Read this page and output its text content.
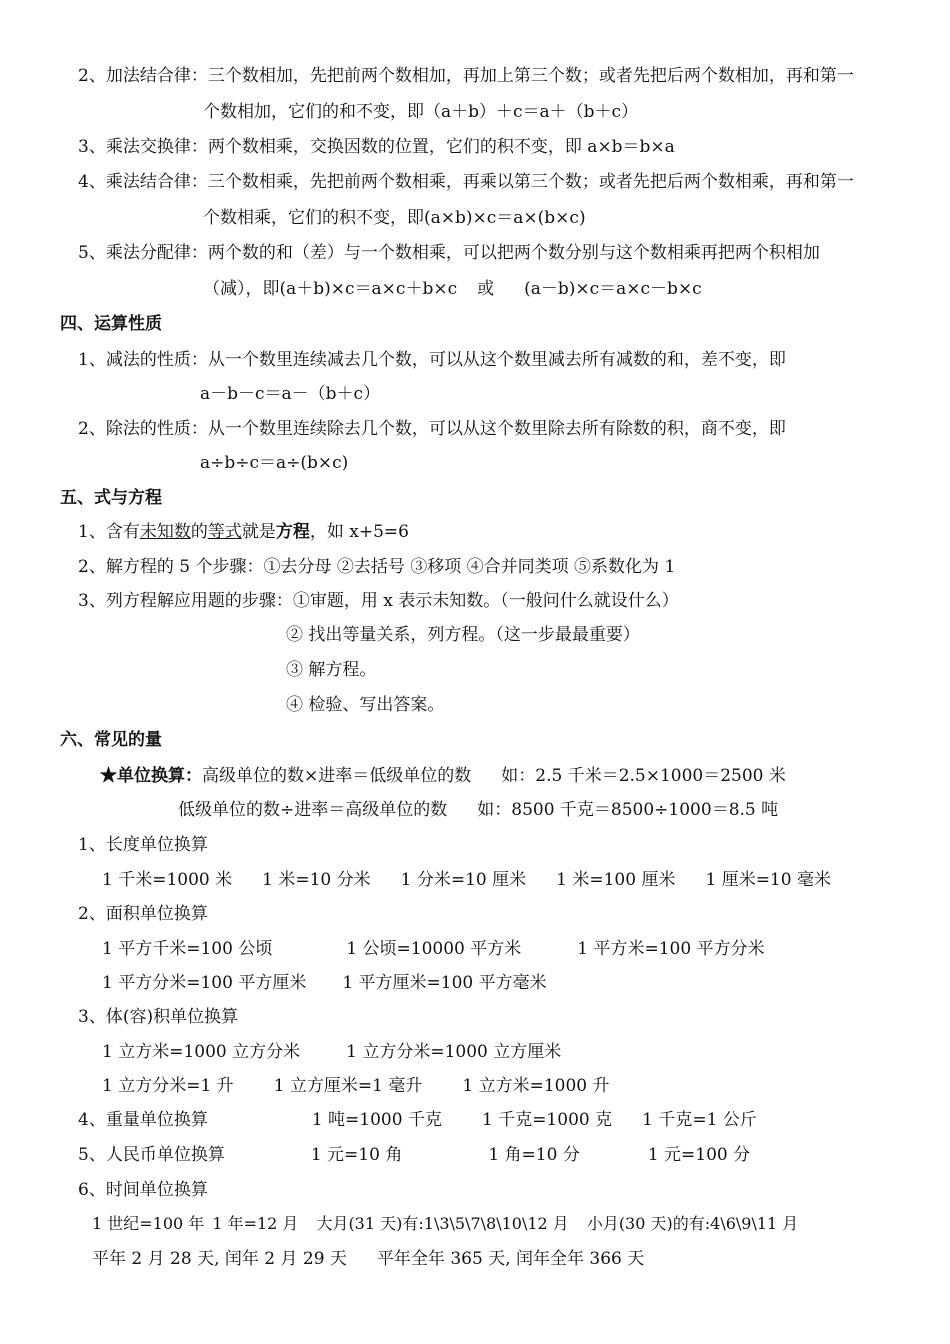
2、加法结合律：三个数相加，先把前两个数相加，再加上第三个数；或者先把后两个数相加，再和第一
个数相加，它们的和不变，即（a＋b）＋c＝a＋（b＋c）
3、乘法交换律：两个数相乘，交换因数的位置，它们的积不变，即 a×b＝b×a
4、乘法结合律：三个数相乘，先把前两个数相乘，再乘以第三个数；或者先把后两个数相乘，再和第一
个数相乘，它们的积不变，即(a×b)×c＝a×(b×c)
5、乘法分配律：两个数的和（差）与一个数相乘，可以把两个数分别与这个数相乘再把两个积相加
（减），即(a＋b)×c＝a×c＋b×c 或 (a－b)×c＝a×c－b×c
四、运算性质
1、减法的性质：从一个数里连续减去几个数，可以从这个数里减去所有减数的和，差不变，即
a－b－c＝a－（b＋c）
2、除法的性质：从一个数里连续除去几个数，可以从这个数里除去所有除数的积，商不变，即
a÷b÷c＝a÷(b×c)
五、式与方程
1、含有未知数的等式就是方程，如 x+5=6
2、解方程的 5 个步骤：①去分母 ②去括号 ③移项 ④合并同类项 ⑤系数化为 1
3、列方程解应用题的步骤：①审题，用 x 表示未知数。（一般问什么就设什么）
② 找出等量关系，列方程。（这一步最最重要）
③ 解方程。
④ 检验、写出答案。
六、常见的量
★单位换算：高级单位的数×进率＝低级单位的数 如：2.5 千米＝2.5×1000＝2500 米
低级单位的数÷进率＝高级单位的数 如：8500 千克＝8500÷1000＝8.5 吨
1、长度单位换算
1 千米=1000 米 1 米=10 分米 1 分米=10 厘米 1 米=100 厘米 1 厘米=10 毫米
2、面积单位换算
1 平方千米=100 公顷	1 公顷=10000 平方米	1 平方米=100 平方分米
1 平方分米=100 平方厘米 1 平方厘米=100 平方毫米
3、体(容)积单位换算
1 立方米=1000 立方分米	1 立方分米=1000 立方厘米
1 立方分米=1 升 1 立方厘米=1 毫升 1 立方米=1000 升
4、重量单位换算	1 吨=1000 千克 1 千克=1000 克 1 千克=1 公斤
5、人民币单位换算	1 元=10 角	1 角=10 分	1 元=100 分
6、时间单位换算
1 世纪=100 年 1 年=12 月 大月(31 天)有:1\3\5\7\8\10\12 月 小月(30 天)的有:4\6\9\11 月
平年 2 月 28 天, 闰年 2 月 29 天 平年全年 365 天, 闰年全年 366 天
